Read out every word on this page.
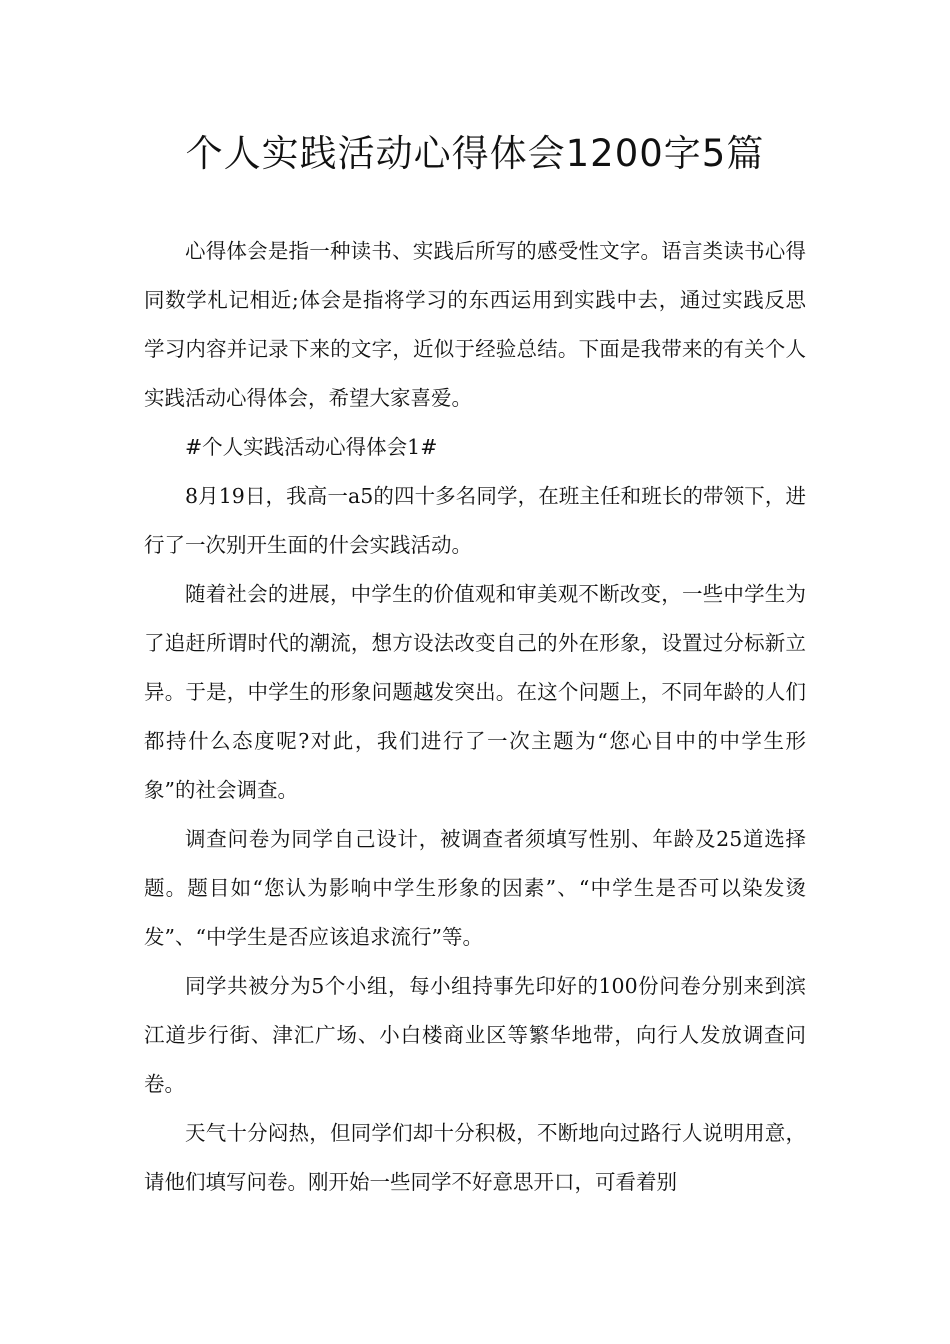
个人实践活动心得体会1200字5篇

心得体会是指一种读书、实践后所写的感受性文字。语言类读书心得同数学札记相近;体会是指将学习的东西运用到实践中去，通过实践反思学习内容并记录下来的文字，近似于经验总结。下面是我带来的有关个人实践活动心得体会，希望大家喜爱。

#个人实践活动心得体会1#

8月19日，我高一a5的四十多名同学，在班主任和班长的带领下，进行了一次别开生面的什会实践活动。

随着社会的进展，中学生的价值观和审美观不断改变，一些中学生为了追赶所谓时代的潮流，想方设法改变自己的外在形象，设置过分标新立异。于是，中学生的形象问题越发突出。在这个问题上，不同年龄的人们都持什么态度呢?对此，我们进行了一次主题为“您心目中的中学生形象”的社会调查。

调查问卷为同学自己设计，被调查者须填写性别、年龄及25道选择题。题目如“您认为影响中学生形象的因素”、“中学生是否可以染发烫发”、“中学生是否应该追求流行”等。

同学共被分为5个小组，每小组持事先印好的100份问卷分别来到滨江道步行街、津汇广场、小白楼商业区等繁华地带，向行人发放调查问卷。

天气十分闷热，但同学们却十分积极，不断地向过路行人说明用意，请他们填写问卷。刚开始一些同学不好意思开口，可看着别
